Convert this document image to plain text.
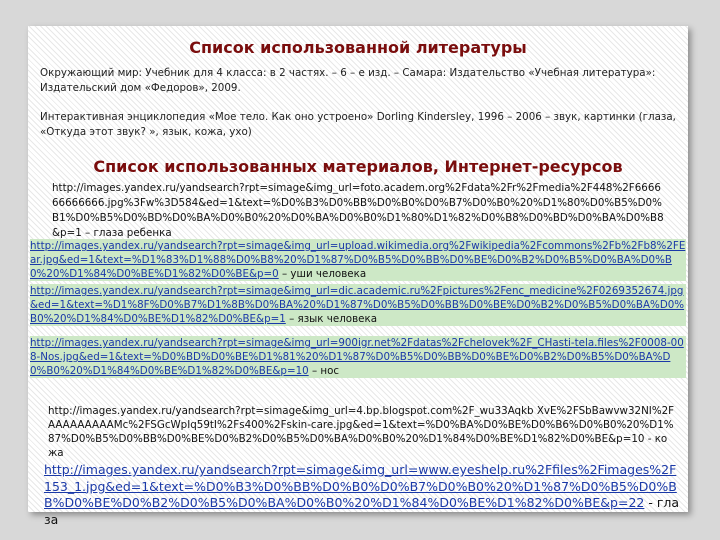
Список использованной литературы
Окружающий мир: Учебник для 4 класса: в 2 частях. – 6 – е изд. – Самара: Издательство «Учебная литература»: Издательский дом «Федоров», 2009.
Интерактивная энциклопедия «Мое тело. Как оно устроено» Dorling Kindersley, 1996 – 2006 – звук, картинки (глаза, «Откуда этот звук? », язык, кожа, ухо)
Список использованных материалов, Интернет-ресурсов
http://images.yandex.ru/yandsearch?rpt=simage&img_url=foto.academ.org%2Fdata%2Fr%2Fmedia%2F448%2F666666666666.jpg%3Fw%3D584&ed=1&text=%D0%B3%D0%BB%D0%B0%D0%B7%D0%B0%20%D1%80%D0%B5%D0%B1%D0%B5%D0%BD%D0%BA%D0%B0%20%D0%BA%D0%B0%D1%80%D1%82%D0%B8%D0%BD%D0%BA%D0%B8&p=1 – глаза ребенка
http://images.yandex.ru/yandsearch?rpt=simage&img_url=upload.wikimedia.org%2Fwikipedia%2Fcommons%2Fb%2Fb8%2FEar.jpg&ed=1&text=%D1%83%D1%88%D0%B8%20%D1%87%D0%B5%D0%BB%D0%BE%D0%B2%D0%B5%D0%BA%D0%B0%20%D1%84%D0%BE%D1%82%D0%BE&p=0 – уши человека
http://images.yandex.ru/yandsearch?rpt=simage&img_url=dic.academic.ru%2Fpictures%2Fenc_medicine%2F0269352674.jpg&ed=1&text=%D1%8F%D0%B7%D1%8B%D0%BA%20%D1%87%D0%B5%D0%BB%D0%BE%D0%B2%D0%B5%D0%BA%D0%B0%20%D1%84%D0%BE%D1%82%D0%BE&p=1 – язык человека
http://images.yandex.ru/yandsearch?rpt=simage&img_url=900igr.net%2Fdatas%2Fchelovek%2F_CHasti-tela.files%2F0008-008-Nos.jpg&ed=1&text=%D0%BD%D0%BE%D1%81%20%D1%87%D0%B5%D0%BB%D0%BE%D0%B2%D0%B5%D0%BA%D0%B0%20%D1%84%D0%BE%D1%82%D0%BE&p=10 – нос
http://images.yandex.ru/yandsearch?rpt=simage&img_url=4.bp.blogspot.com%2F_wu33Aqkb XvE%2FSbBawvw32NI%2FAAAAAAAAAMc%2FSGcWpIq59tI%2Fs400%2Fskin-care.jpg&ed=1&text=%D0%BA%D0%BE%D0%B6%D0%B0%20%D1%87%D0%B5%D0%BB%D0%BE%D0%B2%D0%B5%D0%BA%D0%B0%20%D1%84%D0%BE%D1%82%D0%BE&p=10 - кожа
http://images.yandex.ru/yandsearch?rpt=simage&img_url=www.eyeshelp.ru%2Ffiles%2Fimages%2F153_1.jpg&ed=1&text=%D0%B3%D0%BB%D0%B0%D0%B7%D0%B0%20%D1%87%D0%B5%D0%BB%D0%BE%D0%B2%D0%B5%D0%BA%D0%B0%20%D1%84%D0%BE%D1%82%D0%BE&p=22 - глаза
